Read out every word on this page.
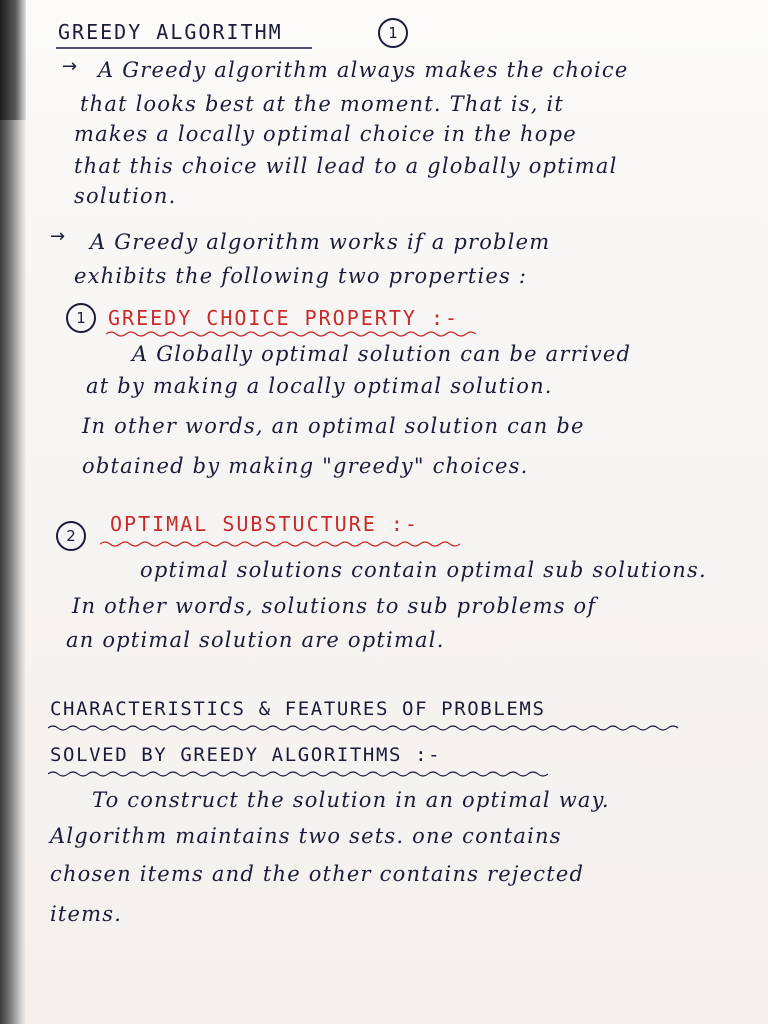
GREEDY ALGORITHM	1
→ A Greedy algorithm always makes the choice
that looks best at the moment. That is, it
makes a locally optimal choice in the hope
that this choice will lead to a globally optimal
solution.
→ A Greedy algorithm works if a problem
exhibits the following two properties :
1	GREEDY CHOICE PROPERTY :-
A Globally optimal solution can be arrived
at by making a locally optimal solution.
In other words, an optimal solution can be
obtained by making "greedy" choices.
2	OPTIMAL SUBSTUCTURE :-
optimal solutions contain optimal sub solutions.
In other words, solutions to sub problems of
an optimal solution are optimal.
CHARACTERISTICS & FEATURES OF PROBLEMS
SOLVED BY GREEDY ALGORITHMS :-
To construct the solution in an optimal way.
Algorithm maintains two sets. one contains
chosen items and the other contains rejected
items.
